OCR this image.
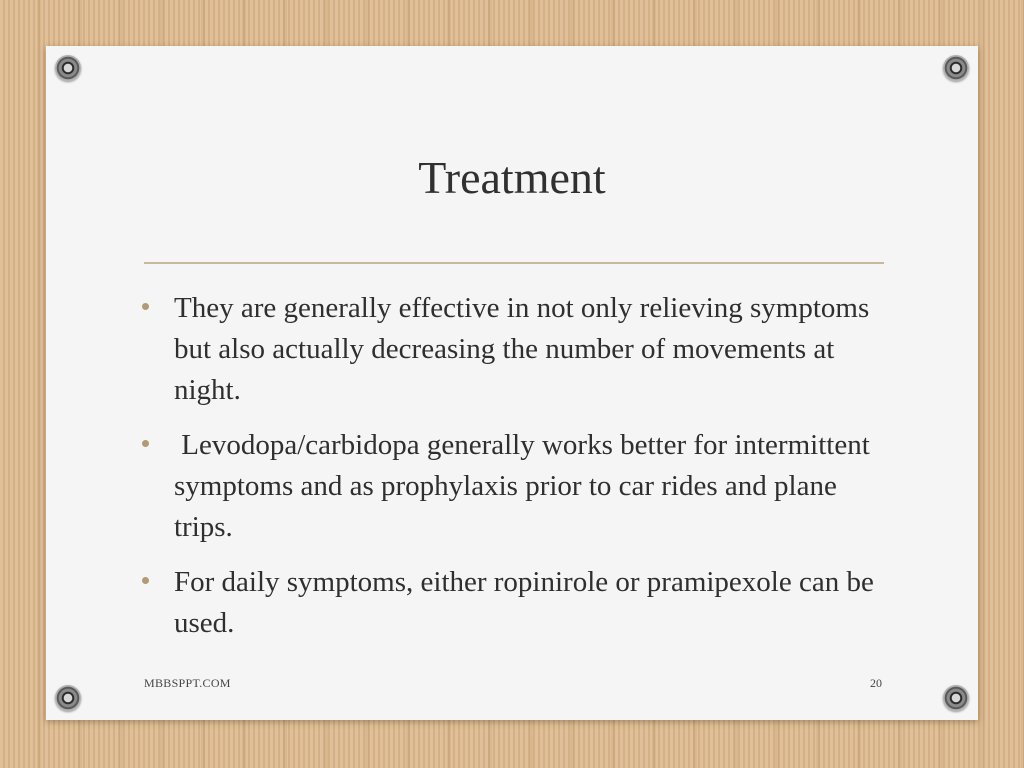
Treatment
They are generally effective in not only relieving symptoms but also actually decreasing the number of movements at night.
Levodopa/carbidopa generally works better for intermittent symptoms and as prophylaxis prior to car rides and plane trips.
For daily symptoms, either ropinirole or pramipexole can be used.
MBBSPPT.COM	20
